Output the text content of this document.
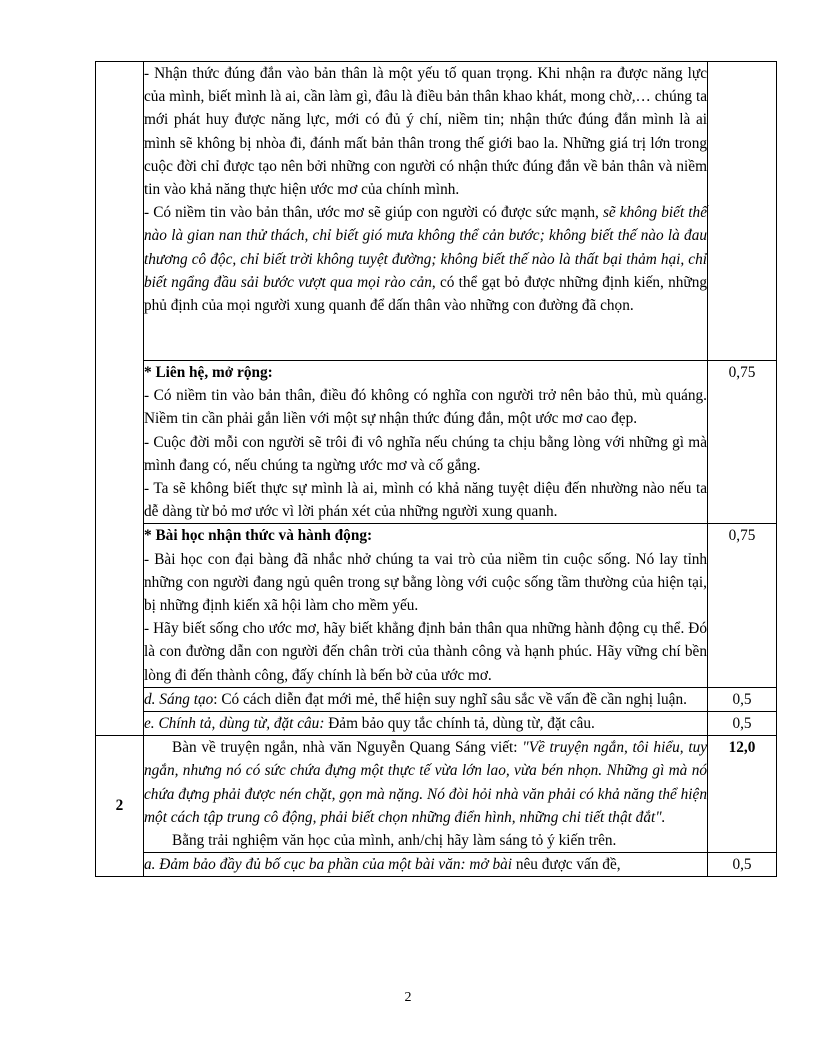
	- Nhận thức đúng đắn vào bản thân là một yếu tố quan trọng. Khi nhận ra được năng lực của mình, biết mình là ai, cần làm gì, đâu là điều bản thân khao khát, mong chờ,… chúng ta mới phát huy được năng lực, mới có đủ ý chí, niềm tin; nhận thức đúng đắn mình là ai mình sẽ không bị nhòa đi, đánh mất bản thân trong thế giới bao la. Những giá trị lớn trong cuộc đời chỉ được tạo nên bởi những con người có nhận thức đúng đắn về bản thân và niềm tin vào khả năng thực hiện ước mơ của chính mình.
- Có niềm tin vào bản thân, ước mơ sẽ giúp con người có được sức mạnh, sẽ không biết thế nào là gian nan thử thách, chỉ biết gió mưa không thể cản bước; không biết thế nào là đau thương cô độc, chỉ biết trời không tuyệt đường; không biết thế nào là thất bại thảm hại, chỉ biết ngẩng đầu sải bước vượt qua mọi rào cản, có thể gạt bỏ được những định kiến, những phủ định của mọi người xung quanh để dấn thân vào những con đường đã chọn.	

	* Liên hệ, mở rộng:
- Có niềm tin vào bản thân, điều đó không có nghĩa con người trở nên bảo thủ, mù quáng. Niềm tin cần phải gắn liền với một sự nhận thức đúng đắn, một ước mơ cao đẹp.
- Cuộc đời mỗi con người sẽ trôi đi vô nghĩa nếu chúng ta chịu bằng lòng với những gì mà mình đang có, nếu chúng ta ngừng ước mơ và cố gắng.
- Ta sẽ không biết thực sự mình là ai, mình có khả năng tuyệt diệu đến nhường nào nếu ta dễ dàng từ bỏ mơ ước vì lời phán xét của những người xung quanh.	0,75

	* Bài học nhận thức và hành động:
- Bài học con đại bàng đã nhắc nhở chúng ta vai trò của niềm tin cuộc sống. Nó lay tỉnh những con người đang ngủ quên trong sự bằng lòng với cuộc sống tầm thường của hiện tại, bị những định kiến xã hội làm cho mềm yếu.
- Hãy biết sống cho ước mơ, hãy biết khẳng định bản thân qua những hành động cụ thể. Đó là con đường dẫn con người đến chân trời của thành công và hạnh phúc. Hãy vững chí bền lòng đi đến thành công, đấy chính là bến bờ của ước mơ.	0,75

	d. Sáng tạo: Có cách diễn đạt mới mẻ, thể hiện suy nghĩ sâu sắc về vấn đề cần nghị luận.	0,5

	e. Chính tả, dùng từ, đặt câu: Đảm bảo quy tắc chính tả, dùng từ, đặt câu.	0,5
2	Bàn về truyện ngắn, nhà văn Nguyễn Quang Sáng viết: "Về truyện ngắn, tôi hiểu, tuy ngắn, nhưng nó có sức chứa đựng một thực tế vừa lớn lao, vừa bén nhọn. Những gì mà nó chứa đựng phải được nén chặt, gọn mà nặng. Nó đòi hỏi nhà văn phải có khả năng thể hiện một cách tập trung cô động, phải biết chọn những điển hình, những chi tiết thật đắt".
Bằng trải nghiệm văn học của mình, anh/chị hãy làm sáng tỏ ý kiến trên.	12,0

	a. Đảm bảo đầy đủ bố cục ba phần của một bài văn: mở bài nêu được vấn đề,	0,5
2
